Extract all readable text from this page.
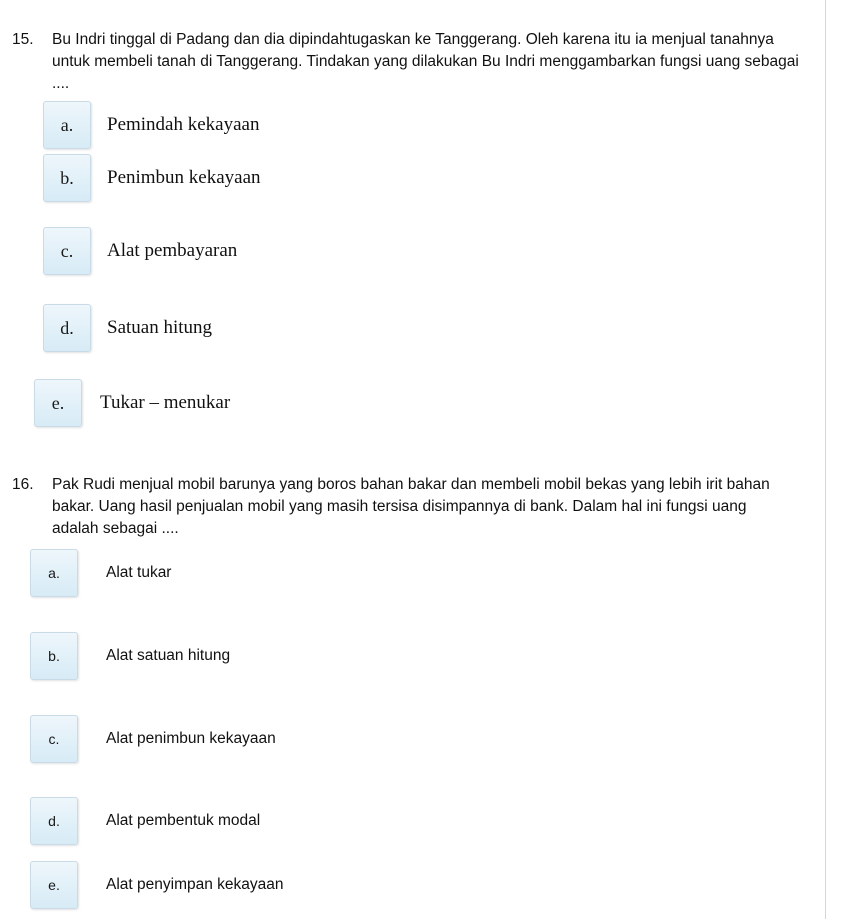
15.	Bu Indri tinggal di Padang dan dia dipindahtugaskan ke Tanggerang. Oleh karena itu ia menjual tanahnya untuk membeli tanah di Tanggerang. Tindakan yang dilakukan Bu Indri menggambarkan fungsi uang sebagai ....
a.	Pemindah kekayaan
b.	Penimbun kekayaan
c.	Alat pembayaran
d.	Satuan hitung
e.	Tukar – menukar
16. Pak Rudi menjual mobil barunya yang boros bahan bakar dan membeli mobil bekas yang lebih irit bahan bakar. Uang hasil penjualan mobil yang masih tersisa disimpannya di bank. Dalam hal ini fungsi uang adalah sebagai ....
a.	Alat tukar
b.	Alat satuan hitung
c.	Alat penimbun kekayaan
d.	Alat pembentuk modal
e.	Alat penyimpan kekayaan
